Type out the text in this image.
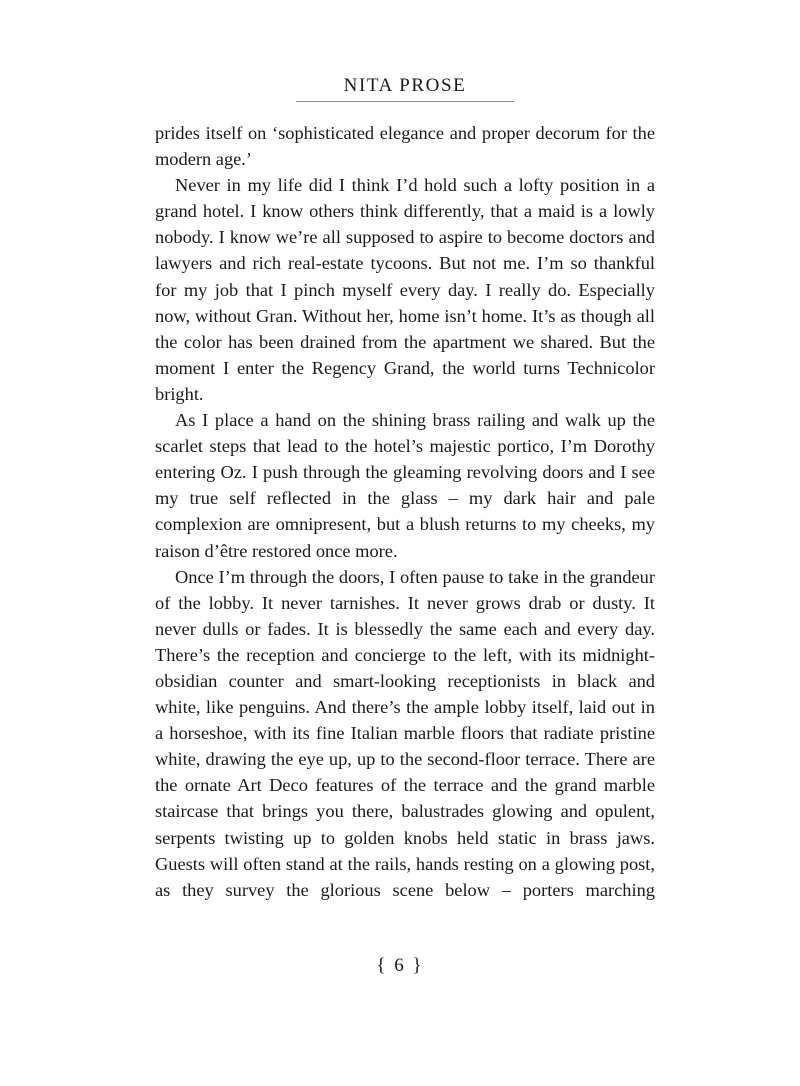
NITA PROSE

prides itself on ‘sophisticated elegance and proper decorum for the modern age.’

Never in my life did I think I’d hold such a lofty position in a grand hotel. I know others think differently, that a maid is a lowly nobody. I know we’re all supposed to aspire to become doctors and lawyers and rich real-estate tycoons. But not me. I’m so thankful for my job that I pinch myself every day. I really do. Especially now, without Gran. Without her, home isn’t home. It’s as though all the color has been drained from the apartment we shared. But the moment I enter the Regency Grand, the world turns Technicolor bright.

As I place a hand on the shining brass railing and walk up the scarlet steps that lead to the hotel’s majestic portico, I’m Dorothy entering Oz. I push through the gleaming revolving doors and I see my true self reflected in the glass – my dark hair and pale complexion are omnipresent, but a blush returns to my cheeks, my raison d’être restored once more.

Once I’m through the doors, I often pause to take in the grandeur of the lobby. It never tarnishes. It never grows drab or dusty. It never dulls or fades. It is blessedly the same each and every day. There’s the reception and concierge to the left, with its midnight-obsidian counter and smart-looking receptionists in black and white, like penguins. And there’s the ample lobby itself, laid out in a horseshoe, with its fine Italian marble floors that radiate pristine white, drawing the eye up, up to the second-floor terrace. There are the ornate Art Deco features of the terrace and the grand marble staircase that brings you there, balustrades glowing and opulent, serpents twisting up to golden knobs held static in brass jaws. Guests will often stand at the rails, hands resting on a glowing post, as they survey the glorious scene below – porters marching

{ 6 }
